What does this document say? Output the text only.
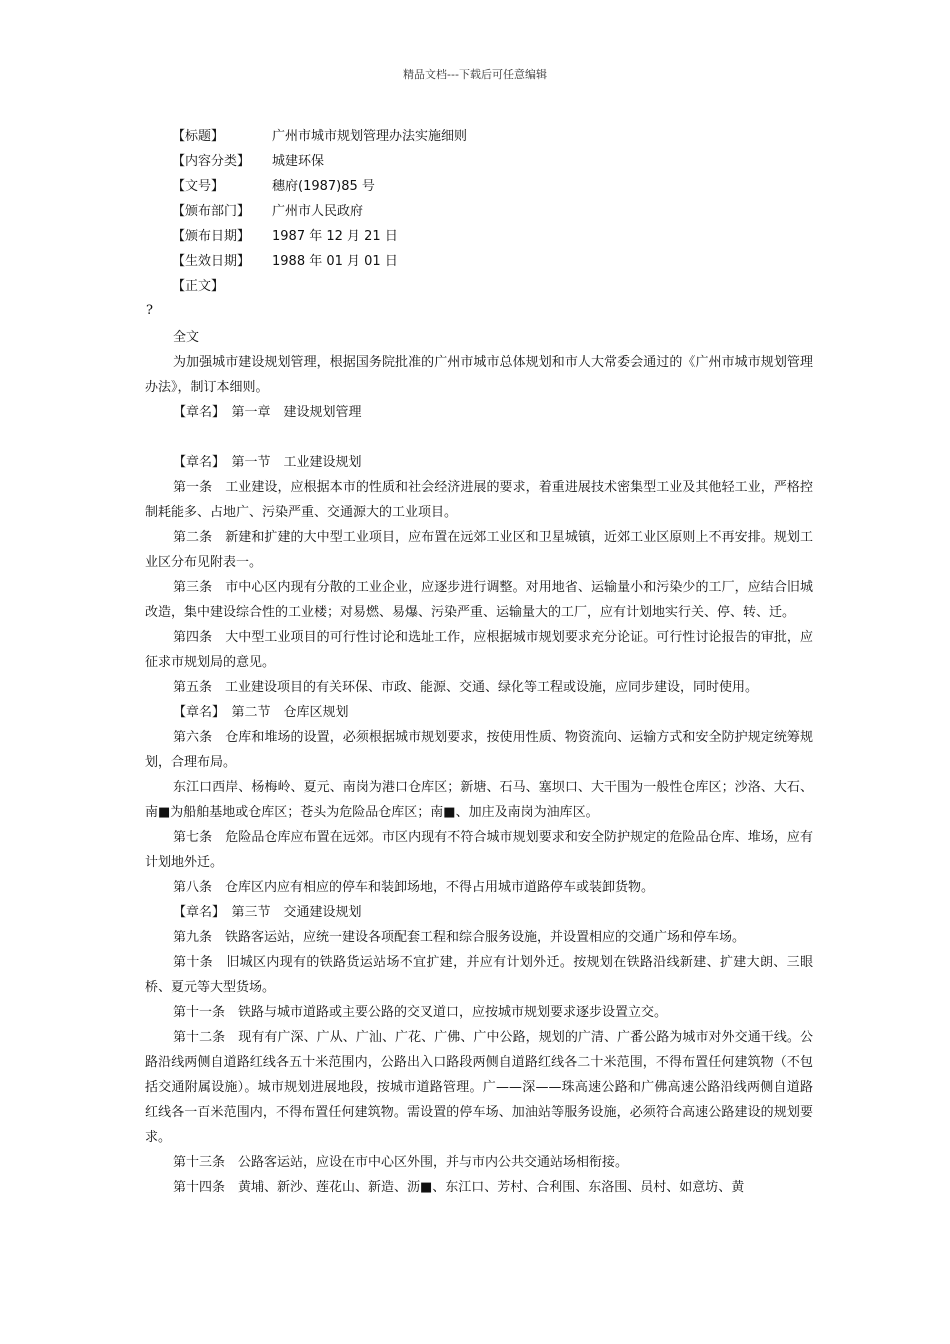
精品文档---下载后可任意编辑
【标题】	广州市城市规划管理办法实施细则
【内容分类】	城建环保
【文号】	穗府(1987)85 号
【颁布部门】	广州市人民政府
【颁布日期】	1987 年 12 月 21 日
【生效日期】	1988 年 01 月 01 日
【正文】
?

全文

为加强城市建设规划管理，根据国务院批准的广州市城市总体规划和市人大常委会通过的《广州市城市规划管理办法》，制订本细则。

【章名】　第一章　建设规划管理

【章名】　第一节　工业建设规划

第一条　工业建设，应根据本市的性质和社会经济进展的要求，着重进展技术密集型工业及其他轻工业，严格控制耗能多、占地广、污染严重、交通源大的工业项目。

第二条　新建和扩建的大中型工业项目，应布置在远郊工业区和卫星城镇，近郊工业区原则上不再安排。规划工业区分布见附表一。

第三条　市中心区内现有分散的工业企业，应逐步进行调整。对用地省、运输量小和污染少的工厂，应结合旧城改造，集中建设综合性的工业楼；对易燃、易爆、污染严重、运输量大的工厂，应有计划地实行关、停、转、迁。

第四条　大中型工业项目的可行性讨论和选址工作，应根据城市规划要求充分论证。可行性讨论报告的审批，应征求市规划局的意见。

第五条　工业建设项目的有关环保、市政、能源、交通、绿化等工程或设施，应同步建设，同时使用。

【章名】　第二节　仓库区规划

第六条　仓库和堆场的设置，必须根据城市规划要求，按使用性质、物资流向、运输方式和安全防护规定统筹规划，合理布局。

东江口西岸、杨梅岭、夏元、南岗为港口仓库区；新塘、石马、塞坝口、大干围为一般性仓库区；沙洛、大石、南■为船舶基地或仓库区；苍头为危险品仓库区；南■、加庄及南岗为油库区。

第七条　危险品仓库应布置在远郊。市区内现有不符合城市规划要求和安全防护规定的危险品仓库、堆场，应有计划地外迁。

第八条　仓库区内应有相应的停车和装卸场地，不得占用城市道路停车或装卸货物。

【章名】　第三节　交通建设规划

第九条　铁路客运站，应统一建设各项配套工程和综合服务设施，并设置相应的交通广场和停车场。

第十条　旧城区内现有的铁路货运站场不宜扩建，并应有计划外迁。按规划在铁路沿线新建、扩建大朗、三眼桥、夏元等大型货场。

第十一条　铁路与城市道路或主要公路的交叉道口，应按城市规划要求逐步设置立交。

第十二条　现有有广深、广从、广汕、广花、广佛、广中公路，规划的广清、广番公路为城市对外交通干线。公路沿线两侧自道路红线各五十米范围内，公路出入口路段两侧自道路红线各二十米范围，不得布置任何建筑物（不包括交通附属设施）。城市规划进展地段，按城市道路管理。广——深——珠高速公路和广佛高速公路沿线两侧自道路红线各一百米范围内，不得布置任何建筑物。需设置的停车场、加油站等服务设施，必须符合高速公路建设的规划要求。

第十三条　公路客运站，应设在市中心区外围，并与市内公共交通站场相衔接。

第十四条　黄埔、新沙、莲花山、新造、沥■、东江口、芳村、合利围、东洛围、员村、如意坊、黄
